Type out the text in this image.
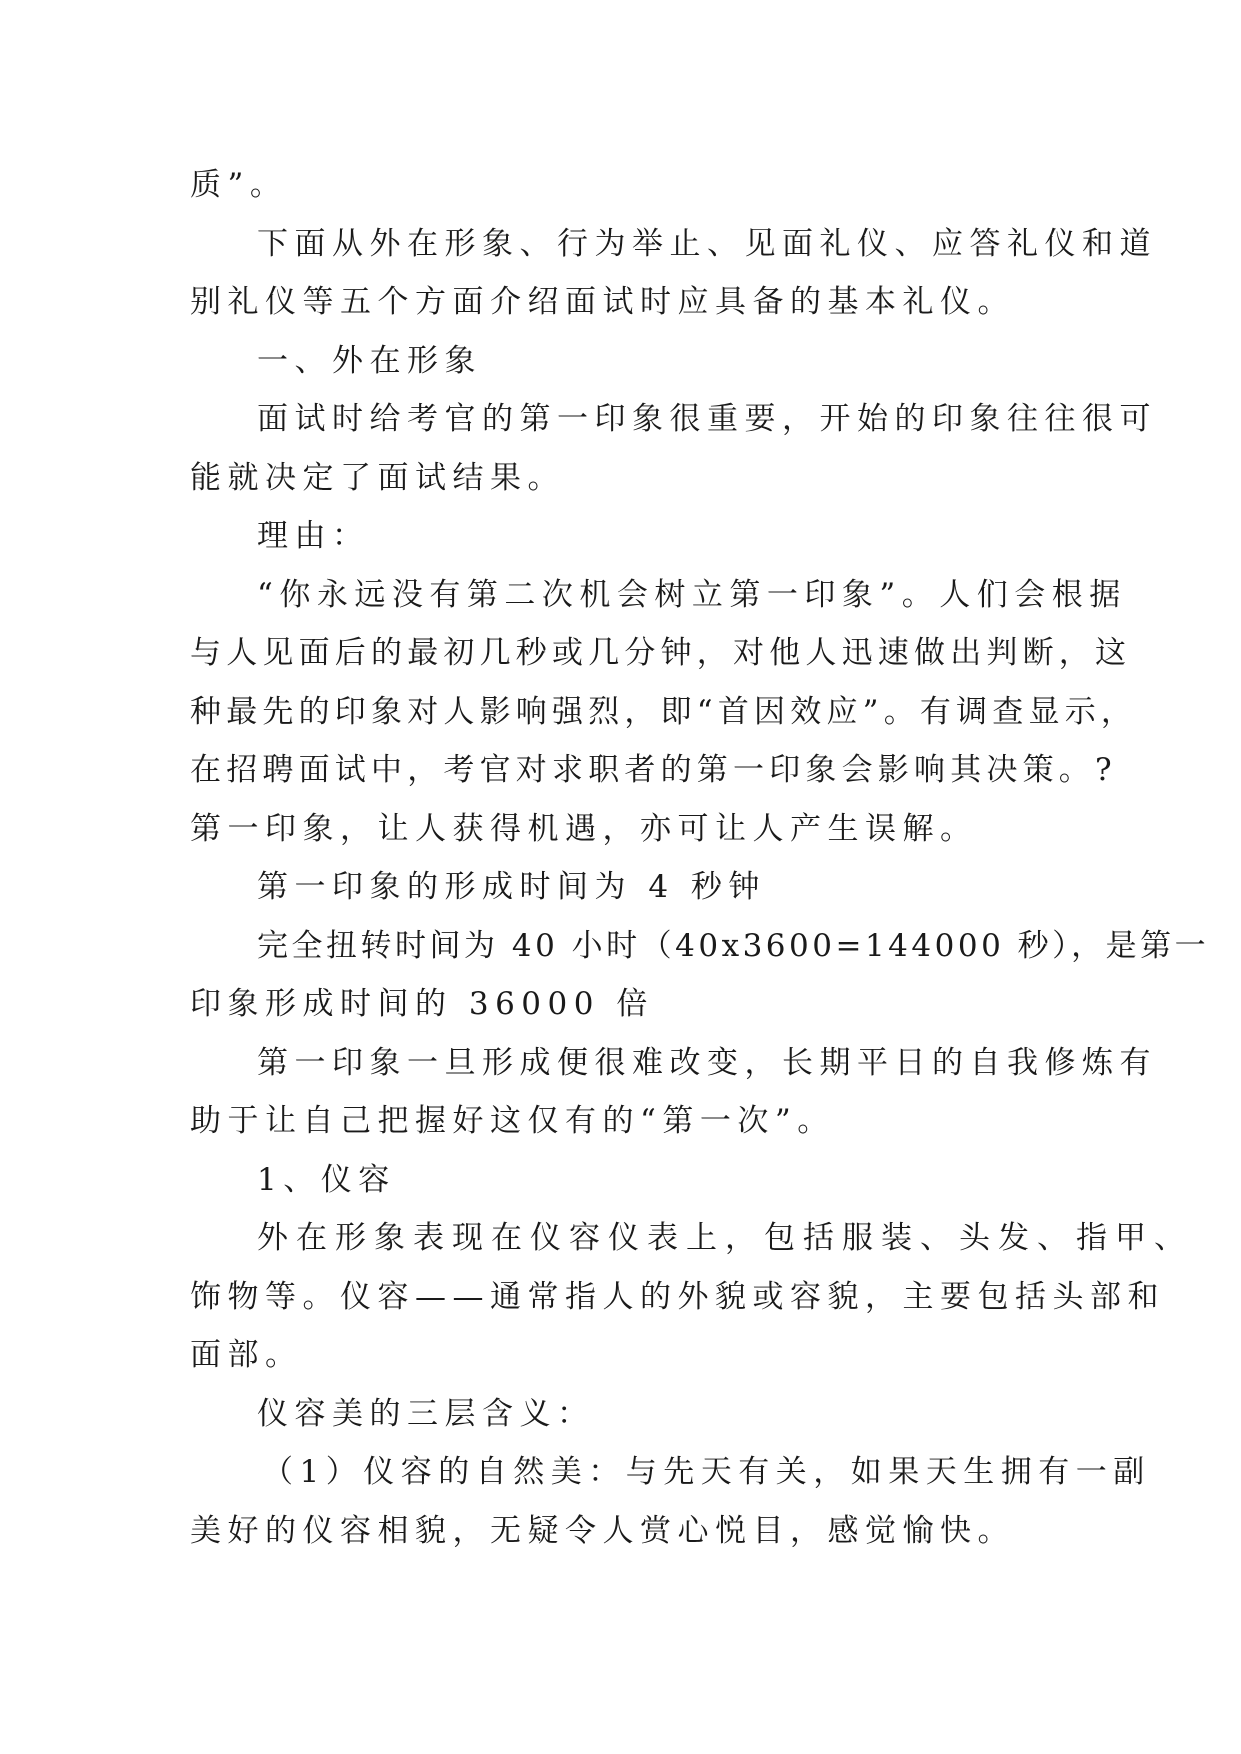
质”。
下面从外在形象、行为举止、见面礼仪、应答礼仪和道
别礼仪等五个方面介绍面试时应具备的基本礼仪。
一、外在形象
面试时给考官的第一印象很重要，开始的印象往往很可
能就决定了面试结果。
理由：
“你永远没有第二次机会树立第一印象”。人们会根据
与人见面后的最初几秒或几分钟，对他人迅速做出判断，这
种最先的印象对人影响强烈，即“首因效应”。有调查显示，
在招聘面试中，考官对求职者的第一印象会影响其决策。?
第一印象，让人获得机遇，亦可让人产生误解。
第一印象的形成时间为 4 秒钟
完全扭转时间为 40 小时（40x3600=144000 秒），是第一
印象形成时间的 36000 倍
第一印象一旦形成便很难改变，长期平日的自我修炼有
助于让自己把握好这仅有的“第一次”。
1、仪容
外在形象表现在仪容仪表上，包括服装、头发、指甲、
饰物等。仪容——通常指人的外貌或容貌，主要包括头部和
面部。
仪容美的三层含义：
（1）仪容的自然美：与先天有关，如果天生拥有一副
美好的仪容相貌，无疑令人赏心悦目，感觉愉快。
